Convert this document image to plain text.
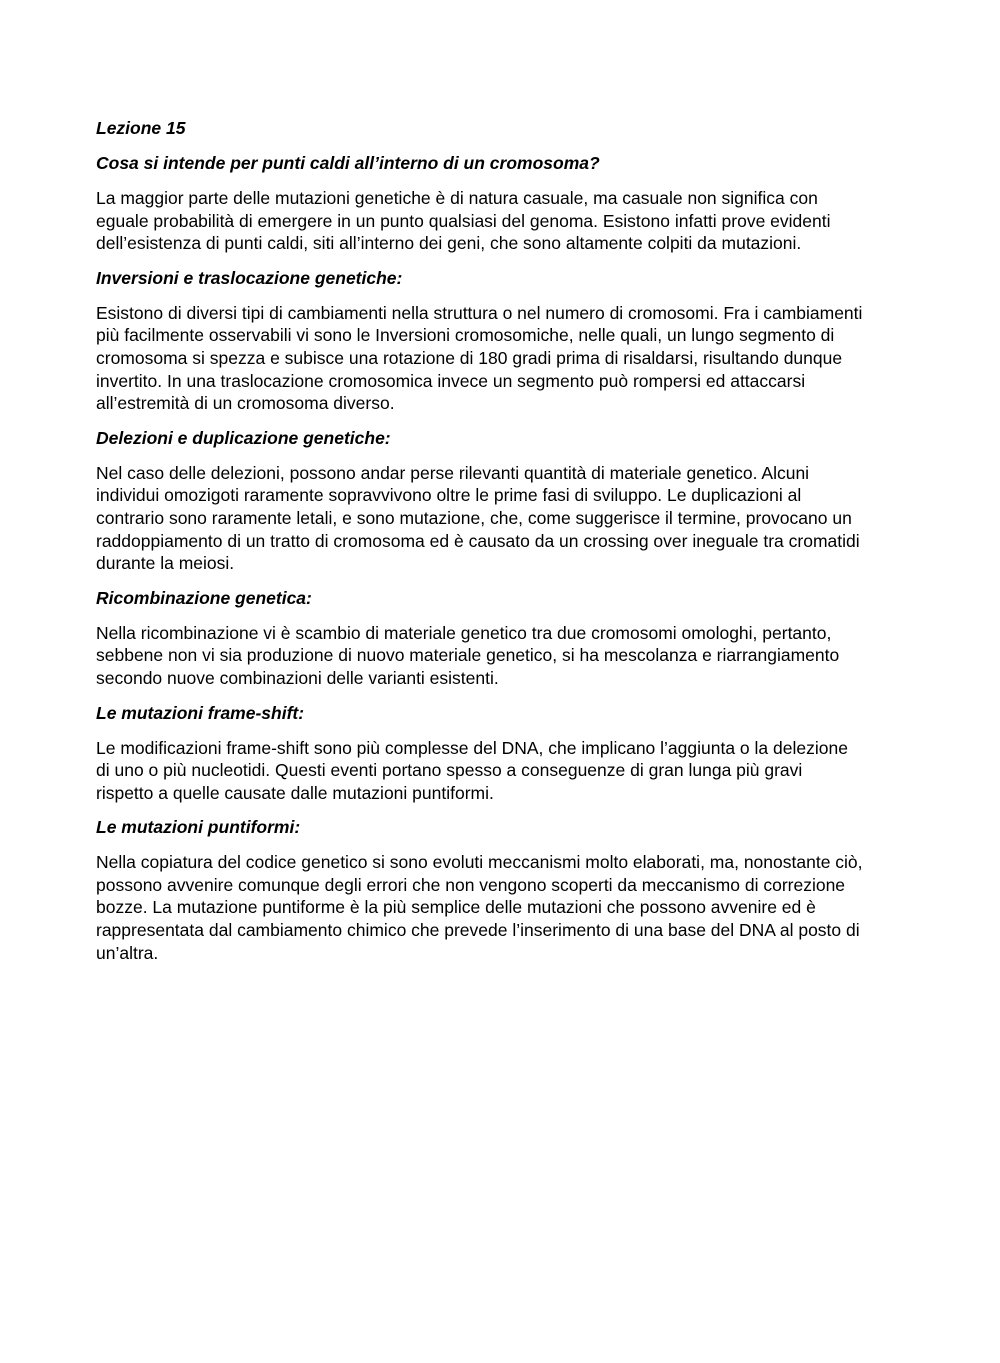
Lezione 15
Cosa si intende per punti caldi all’interno di un cromosoma?
La maggior parte delle mutazioni genetiche è di natura casuale, ma casuale non significa con
eguale probabilità di emergere in un punto qualsiasi del genoma. Esistono infatti prove evidenti
dell’esistenza di punti caldi, siti all’interno dei geni, che sono altamente colpiti da mutazioni.
Inversioni e traslocazione genetiche:
Esistono di diversi tipi di cambiamenti nella struttura o nel numero di cromosomi. Fra i cambiamenti
più facilmente osservabili vi sono le Inversioni cromosomiche, nelle quali, un lungo segmento di
cromosoma si spezza e subisce una rotazione di 180 gradi prima di risaldarsi, risultando dunque
invertito. In una traslocazione cromosomica invece un segmento può rompersi ed attaccarsi
all’estremità di un cromosoma diverso.
Delezioni e duplicazione genetiche:
Nel caso delle delezioni, possono andar perse rilevanti quantità di materiale genetico. Alcuni
individui omozigoti raramente sopravvivono oltre le prime fasi di sviluppo. Le duplicazioni al
contrario sono raramente letali, e sono mutazione, che, come suggerisce il termine, provocano un
raddoppiamento di un tratto di cromosoma ed è causato da un crossing over ineguale tra cromatidi
durante la meiosi.
Ricombinazione genetica:
Nella ricombinazione vi è scambio di materiale genetico tra due cromosomi omologhi, pertanto,
sebbene non vi sia produzione di nuovo materiale genetico, si ha mescolanza e riarrangiamento
secondo nuove combinazioni delle varianti esistenti.
Le mutazioni frame-shift:
Le modificazioni frame-shift sono più complesse del DNA, che implicano l’aggiunta o la delezione
di uno o più nucleotidi. Questi eventi portano spesso a conseguenze di gran lunga più gravi
rispetto a quelle causate dalle mutazioni puntiformi.
Le mutazioni puntiformi:
Nella copiatura del codice genetico si sono evoluti meccanismi molto elaborati, ma, nonostante ciò,
possono avvenire comunque degli errori che non vengono scoperti da meccanismo di correzione
bozze. La mutazione puntiforme è la più semplice delle mutazioni che possono avvenire ed è
rappresentata dal cambiamento chimico che prevede l’inserimento di una base del DNA al posto di
un’altra.
